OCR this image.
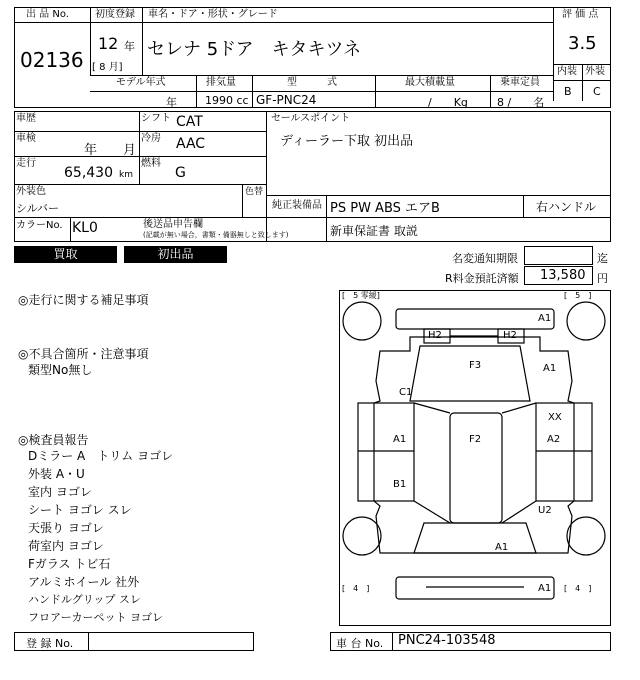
出 品 No.
02136
初度登録
12 年
[ 8 月]
車名・ドア・形状・グレード
セレナ 5ドア　キタキツネ
評 価 点
3.5
内装 外装
B C
モデル年式	排気量	型　　　式	最大積載量	乗車定員
年	1990 cc GF-PNC24	/　　Kg	8 /　　名
車歴	シフト CAT
車検
年　　月
冷房 AAC
走行
65,430 km
燃料
G
セールスポイント
ディーラー下取 初出品
外装色
シルバー
色替
純正装備品 PS PW ABS エアB	右ハンドル
カラーNo. KL0	後送品申告欄
(記載が無い場合，書類・備器無しと致します)	新車保証書 取説
買取	初出品	名変通知期限	迄
R料金預託済額 13,580 円
◎走行に関する補足事項
◎不具合箇所・注意事項
類型No無し
◎検査員報告
Dミラー A　トリム ヨゴレ
外装 A・U
室内 ヨゴレ
シート ヨゴレ スレ
天張り ヨゴレ
荷室内 ヨゴレ
Fガラス トビ石
アルミホイール 社外
ハンドルグリップ スレ
フロアーカーペット ヨゴレ
[　5 零緩]	[　5　]
[　4　]	[　4　]
A1
H2	H2
F3	A1
C1
XX
A1	A2
F2
B1
U2
A1
A1
登 録 No.	車 台 No. PNC24-103548
